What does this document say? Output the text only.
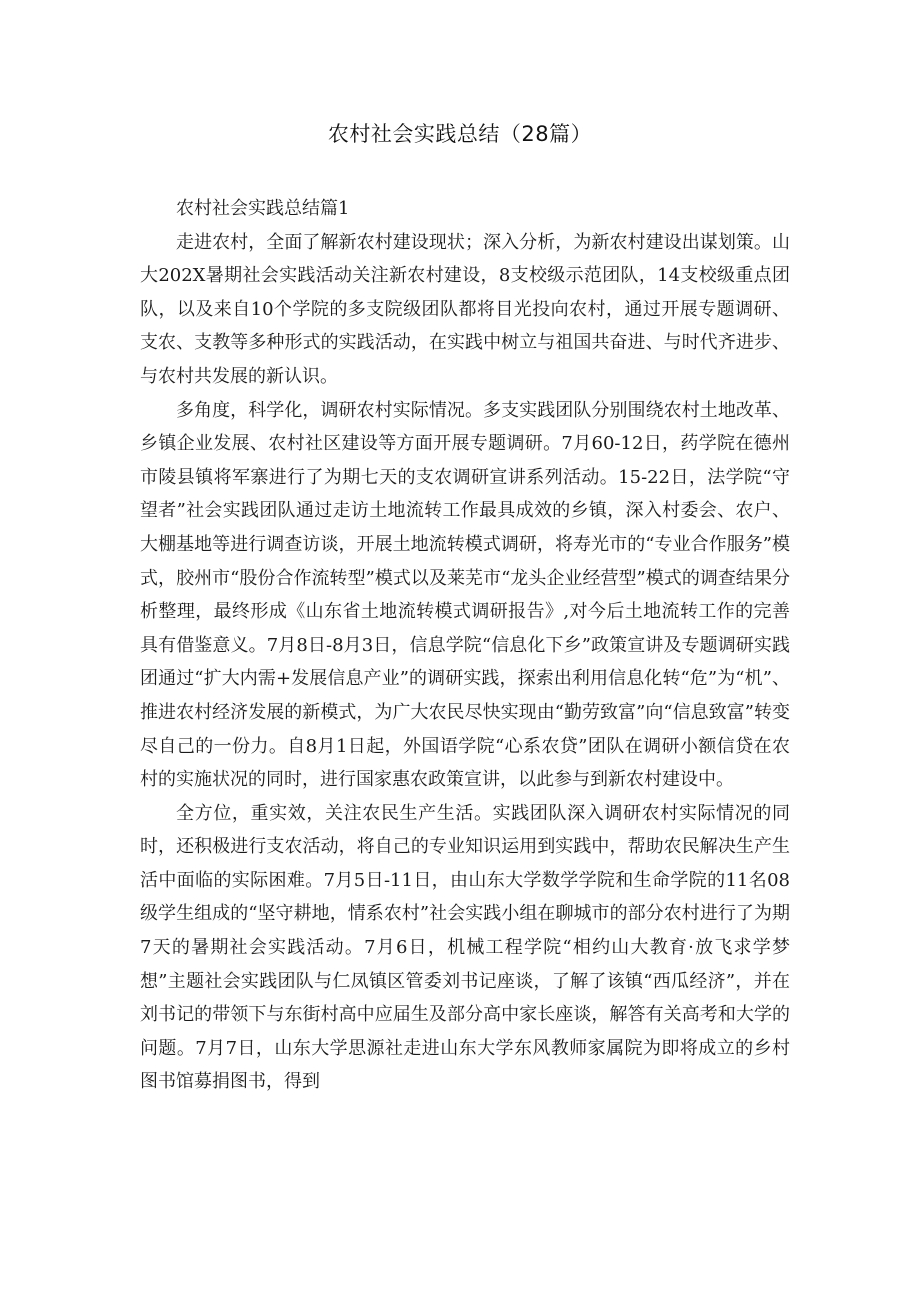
农村社会实践总结（28篇）

农村社会实践总结篇1

走进农村，全面了解新农村建设现状；深入分析，为新农村建设出谋划策。山大202X暑期社会实践活动关注新农村建设，8支校级示范团队，14支校级重点团队，以及来自10个学院的多支院级团队都将目光投向农村，通过开展专题调研、支农、支教等多种形式的实践活动，在实践中树立与祖国共奋进、与时代齐进步、与农村共发展的新认识。

多角度，科学化，调研农村实际情况。多支实践团队分别围绕农村土地改革、乡镇企业发展、农村社区建设等方面开展专题调研。7月60-12日，药学院在德州市陵县镇将军寨进行了为期七天的支农调研宣讲系列活动。15-22日，法学院“守望者”社会实践团队通过走访土地流转工作最具成效的乡镇，深入村委会、农户、大棚基地等进行调查访谈，开展土地流转模式调研，将寿光市的“专业合作服务”模式，胶州市“股份合作流转型”模式以及莱芜市“龙头企业经营型”模式的调查结果分析整理，最终形成《山东省土地流转模式调研报告》,对今后土地流转工作的完善具有借鉴意义。7月8日-8月3日，信息学院“信息化下乡”政策宣讲及专题调研实践团通过“扩大内需+发展信息产业”的调研实践，探索出利用信息化转“危”为“机”、推进农村经济发展的新模式，为广大农民尽快实现由“勤劳致富”向“信息致富”转变尽自己的一份力。自8月1日起，外国语学院“心系农贷”团队在调研小额信贷在农村的实施状况的同时，进行国家惠农政策宣讲，以此参与到新农村建设中。

全方位，重实效，关注农民生产生活。实践团队深入调研农村实际情况的同时，还积极进行支农活动，将自己的专业知识运用到实践中，帮助农民解决生产生活中面临的实际困难。7月5日-11日，由山东大学数学学院和生命学院的11名08级学生组成的“坚守耕地，情系农村”社会实践小组在聊城市的部分农村进行了为期7天的暑期社会实践活动。7月6日，机械工程学院“相约山大教育·放飞求学梦想”主题社会实践团队与仁凤镇区管委刘书记座谈，了解了该镇“西瓜经济”，并在刘书记的带领下与东街村高中应届生及部分高中家长座谈，解答有关高考和大学的问题。7月7日，山东大学思源社走进山东大学东风教师家属院为即将成立的乡村图书馆募捐图书，得到
